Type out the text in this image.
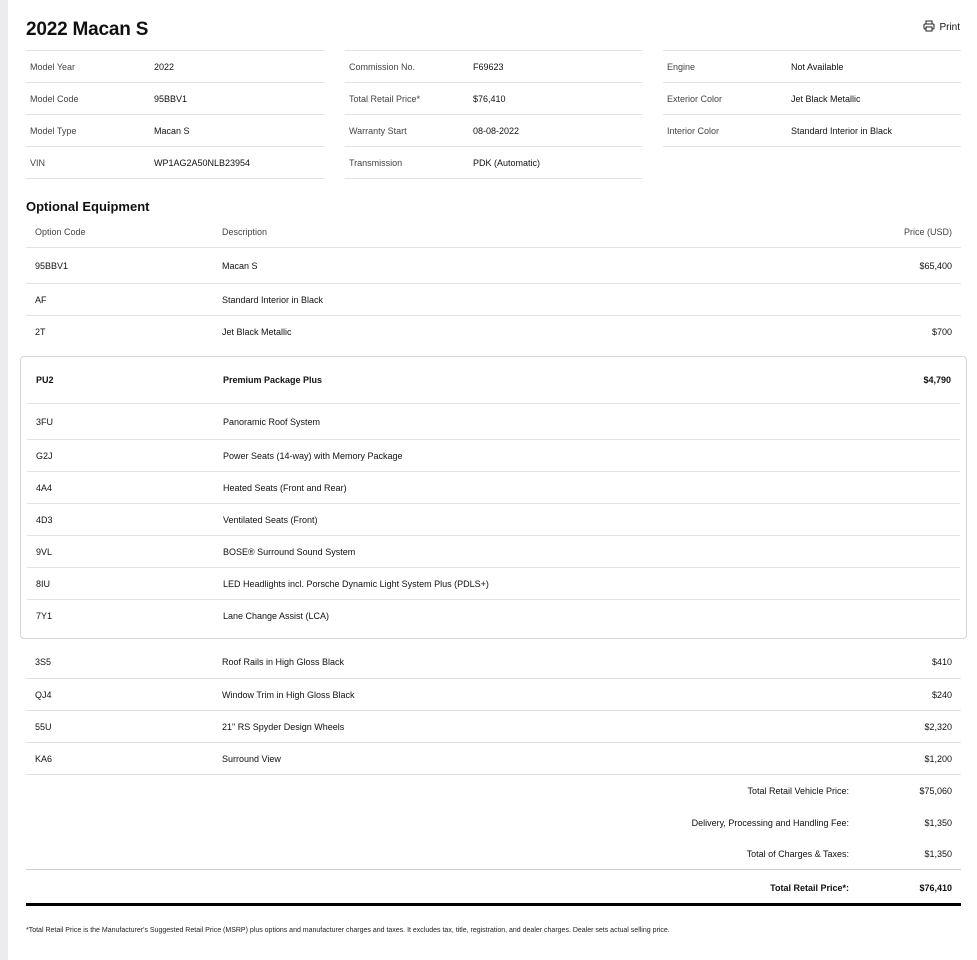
2022 Macan S	Print
Model Year	2022
Model Code	95BBV1
Model Type	Macan S
VIN	WP1AG2A50NLB23954
Commission No.	F69623
Total Retail Price*	$76,410
Warranty Start	08-08-2022
Transmission	PDK (Automatic)
Engine	Not Available
Exterior Color	Jet Black Metallic
Interior Color	Standard Interior in Black
Optional Equipment
Option Code	Description	Price (USD)
95BBV1	Macan S	$65,400
AF	Standard Interior in Black
2T	Jet Black Metallic	$700
PU2	Premium Package Plus	$4,790
3FU	Panoramic Roof System
G2J	Power Seats (14-way) with Memory Package
4A4	Heated Seats (Front and Rear)
4D3	Ventilated Seats (Front)
9VL	BOSE® Surround Sound System
8IU	LED Headlights incl. Porsche Dynamic Light System Plus (PDLS+)
7Y1	Lane Change Assist (LCA)
3S5	Roof Rails in High Gloss Black	$410
QJ4	Window Trim in High Gloss Black	$240
55U	21" RS Spyder Design Wheels	$2,320
KA6	Surround View	$1,200
Total Retail Vehicle Price:	$75,060
Delivery, Processing and Handling Fee:	$1,350
Total of Charges & Taxes:	$1,350
Total Retail Price*:	$76,410
*Total Retail Price is the Manufacturer's Suggested Retail Price (MSRP) plus options and manufacturer charges and taxes. It excludes tax, title, registration, and dealer charges. Dealer sets actual selling price.
